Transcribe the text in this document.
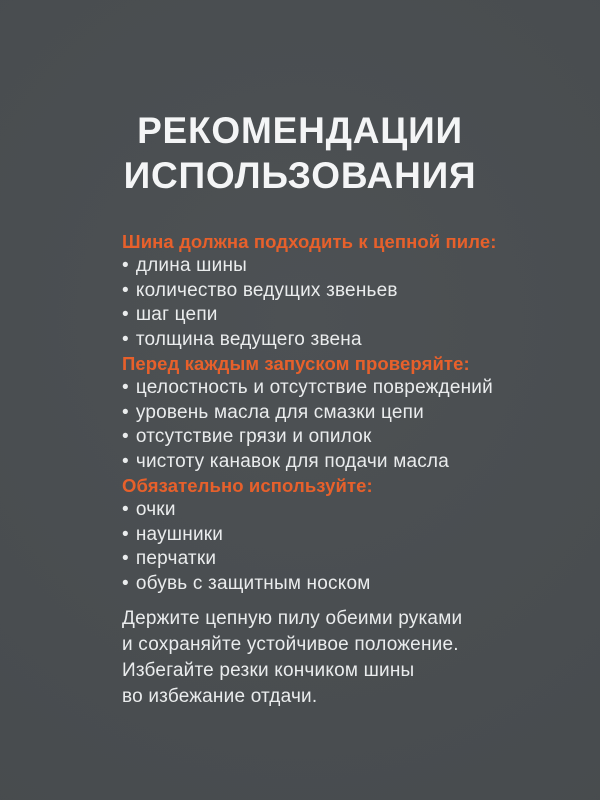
РЕКОМЕНДАЦИИ
ИСПОЛЬЗОВАНИЯ
Шина должна подходить к цепной пиле:
• длина шины
• количество ведущих звеньев
• шаг цепи
• толщина ведущего звена
Перед каждым запуском проверяйте:
• целостность и отсутствие повреждений
• уровень масла для смазки цепи
• отсутствие грязи и опилок
• чистоту канавок для подачи масла
Обязательно используйте:
• очки
• наушники
• перчатки
• обувь с защитным носком
Держите цепную пилу обеими руками
и сохраняйте устойчивое положение.
Избегайте резки кончиком шины
во избежание отдачи.
